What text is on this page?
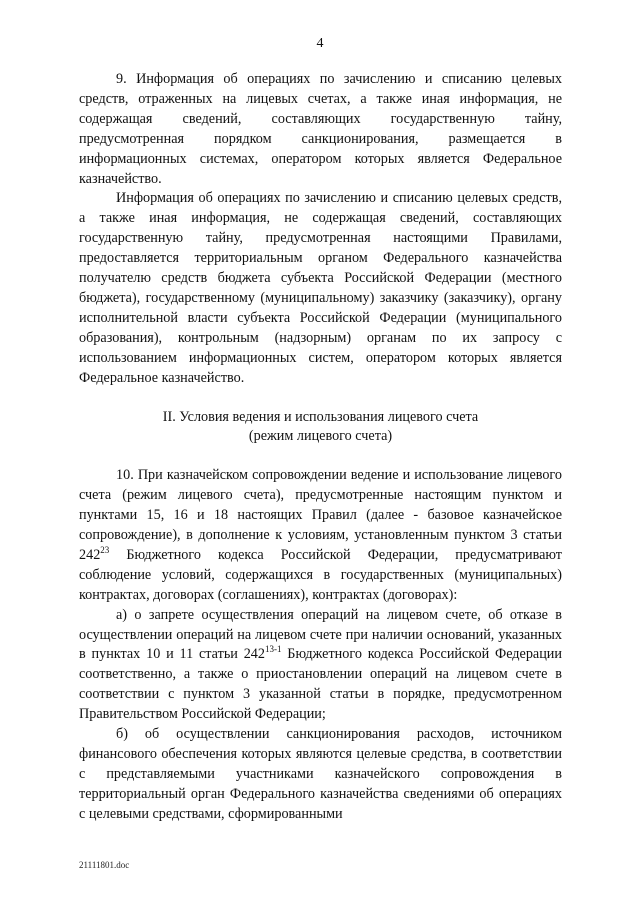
4

9. Информация об операциях по зачислению и списанию целевых средств, отраженных на лицевых счетах, а также иная информация, не содержащая сведений, составляющих государственную тайну, предусмотренная порядком санкционирования, размещается в информационных системах, оператором которых является Федеральное казначейство.

Информация об операциях по зачислению и списанию целевых средств, а также иная информация, не содержащая сведений, составляющих государственную тайну, предусмотренная настоящими Правилами, предоставляется территориальным органом Федерального казначейства получателю средств бюджета субъекта Российской Федерации (местного бюджета), государственному (муниципальному) заказчику (заказчику), органу исполнительной власти субъекта Российской Федерации (муниципального образования), контрольным (надзорным) органам по их запросу с использованием информационных систем, оператором которых является Федеральное казначейство.

II. Условия ведения и использования лицевого счета

(режим лицевого счета)

10. При казначейском сопровождении ведение и использование лицевого счета (режим лицевого счета), предусмотренные настоящим пунктом и пунктами 15, 16 и 18 настоящих Правил (далее - базовое казначейское сопровождение), в дополнение к условиям, установленным пунктом 3 статьи $242^{23}$ Бюджетного кодекса Российской Федерации, предусматривают соблюдение условий, содержащихся в государственных (муниципальных) контрактах, договорах (соглашениях), контрактах (договорах):

а) о запрете осуществления операций на лицевом счете, об отказе в осуществлении операций на лицевом счете при наличии оснований, указанных в пунктах 10 и 11 статьи 242$^{13-1}$ Бюджетного кодекса Российской Федерации соответственно, а также о приостановлении операций на лицевом счете в соответствии с пунктом 3 указанной статьи в порядке, предусмотренном Правительством Российской Федерации;

б) об осуществлении санкционирования расходов, источником финансового обеспечения которых являются целевые средства, в соответствии с представляемыми участниками казначейского сопровождения в территориальный орган Федерального казначейства сведениями об операциях с целевыми средствами, сформированными

21111801.doc
